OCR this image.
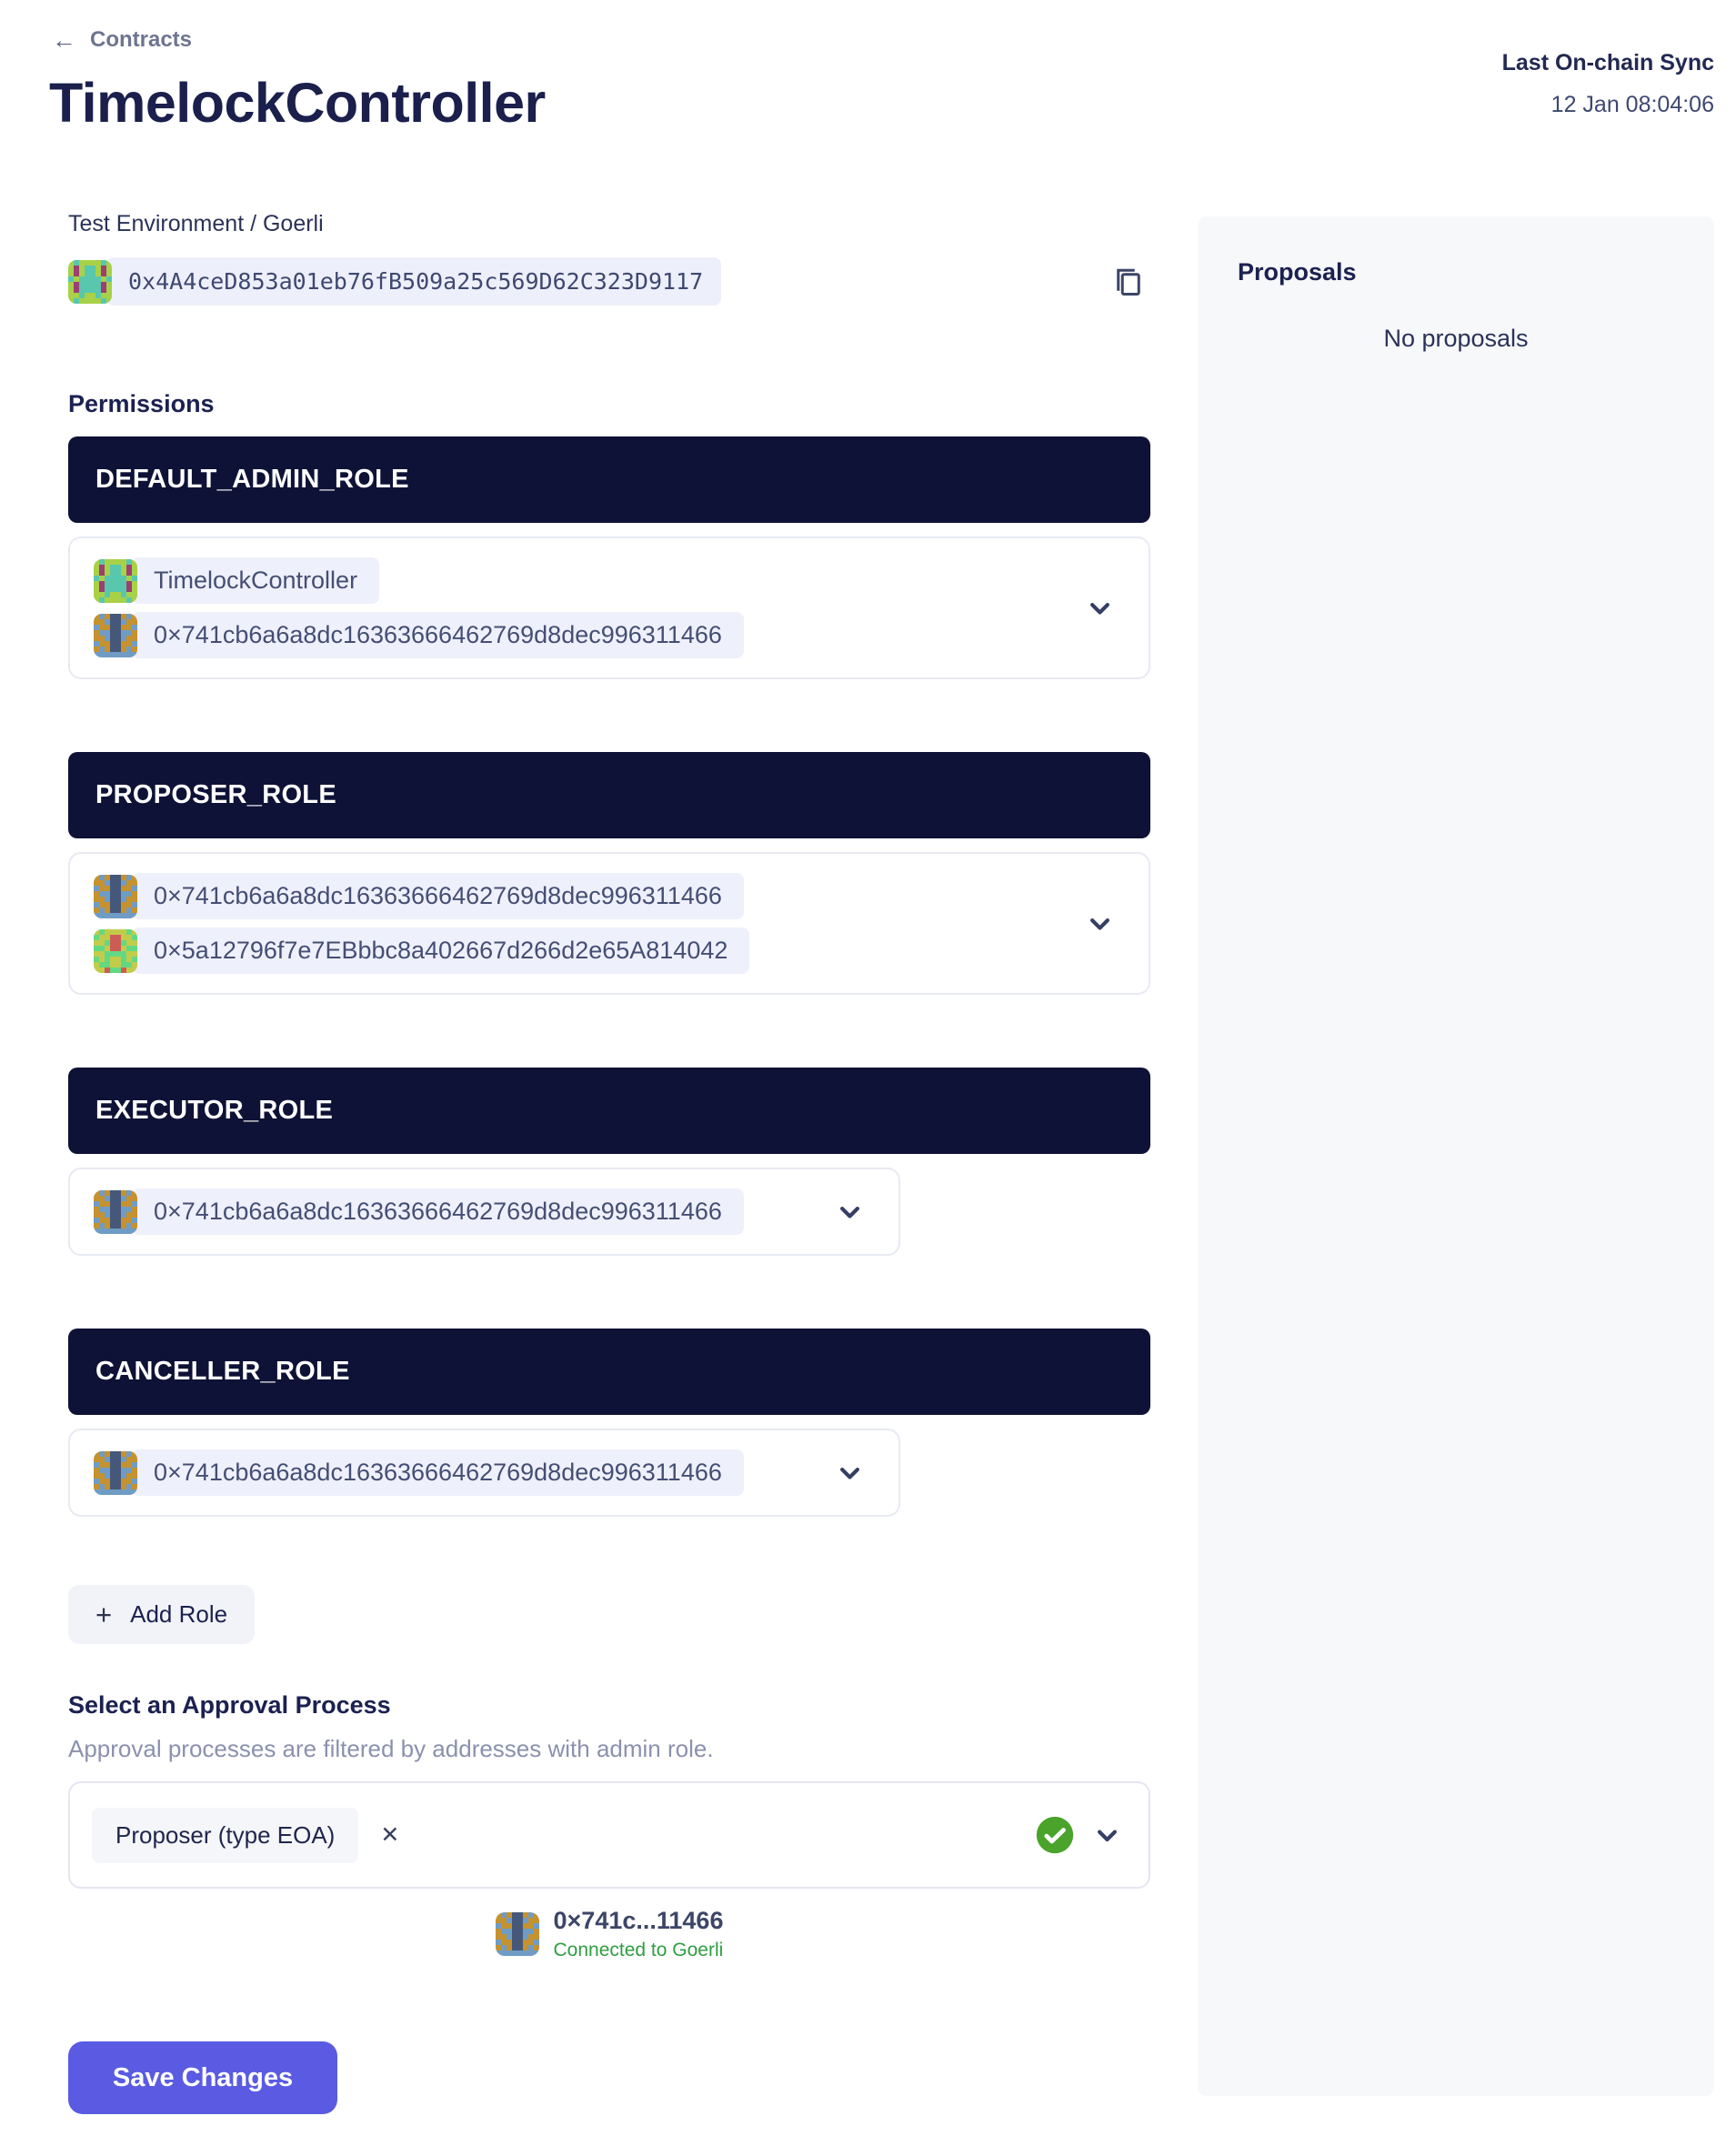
← Contracts
TimelockController
Last On-chain Sync
12 Jan 08:04:06
Test Environment / Goerli
0x4A4ceD853a01eb76fB509a25c569D62C323D9117
Permissions
DEFAULT_ADMIN_ROLE
TimelockController
0×741cb6a6a8dc16363666462769d8dec996311466
PROPOSER_ROLE
0×741cb6a6a8dc16363666462769d8dec996311466
0×5a12796f7e7EBbbc8a402667d266d2e65A814042
EXECUTOR_ROLE
0×741cb6a6a8dc16363666462769d8dec996311466
CANCELLER_ROLE
0×741cb6a6a8dc16363666462769d8dec996311466
+ Add Role
Select an Approval Process

Approval processes are filtered by addresses with admin role.

Proposer (type EOA)	✕
0×741c...11466
Connected to Goerli
Save Changes
Proposals
No proposals
